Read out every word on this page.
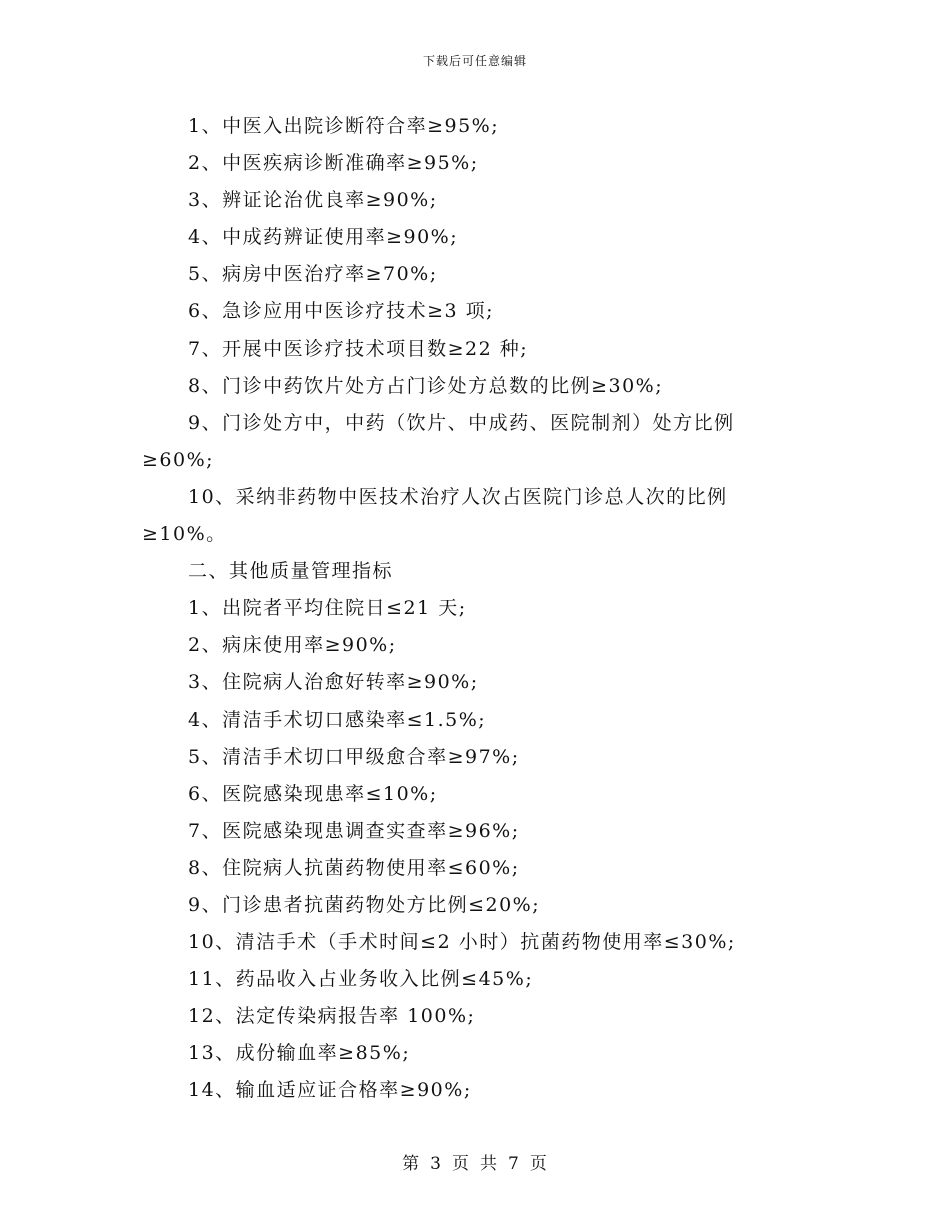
下载后可任意编辑
1、中医入出院诊断符合率≥95%;
2、中医疾病诊断准确率≥95%;
3、辨证论治优良率≥90%;
4、中成药辨证使用率≥90%;
5、病房中医治疗率≥70%;
6、急诊应用中医诊疗技术≥3 项;
7、开展中医诊疗技术项目数≥22 种;
8、门诊中药饮片处方占门诊处方总数的比例≥30%;
9、门诊处方中，中药（饮片、中成药、医院制剂）处方比例
≥60%;
10、采纳非药物中医技术治疗人次占医院门诊总人次的比例
≥10%。
二、其他质量管理指标
1、出院者平均住院日≤21 天;
2、病床使用率≥90%;
3、住院病人治愈好转率≥90%;
4、清洁手术切口感染率≤1.5%;
5、清洁手术切口甲级愈合率≥97%;
6、医院感染现患率≤10%;
7、医院感染现患调查实查率≥96%;
8、住院病人抗菌药物使用率≤60%;
9、门诊患者抗菌药物处方比例≤20%;
10、清洁手术（手术时间≤2 小时）抗菌药物使用率≤30%;
11、药品收入占业务收入比例≤45%;
12、法定传染病报告率 100%;
13、成份输血率≥85%;
14、输血适应证合格率≥90%;
第 3 页 共 7 页
